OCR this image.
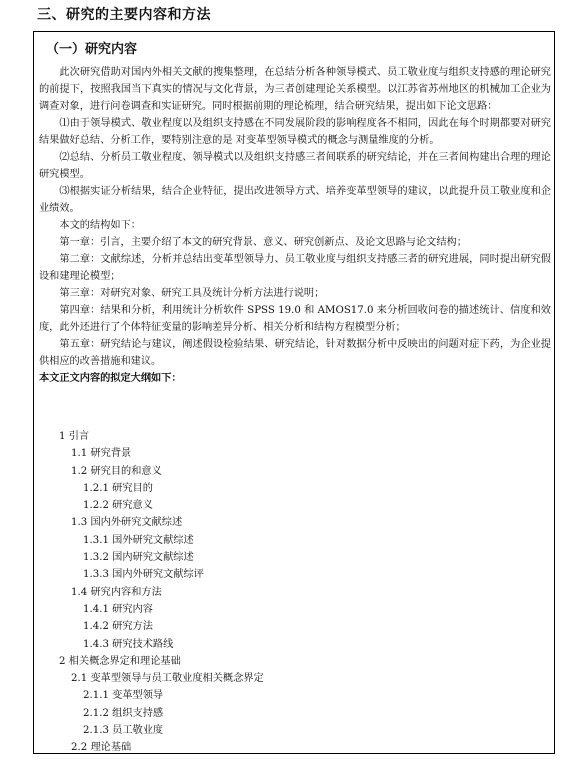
三、研究的主要内容和方法
（一）研究内容

此次研究借助对国内外相关文献的搜集整理，在总结分析各种领导模式、员工敬业度与组织支持感的理论研究的前提下，按照我国当下真实的情况与文化背景，为三者创建理论关系模型。以江苏省苏州地区的机械加工企业为调查对象，进行问卷调查和实证研究。同时根据前期的理论梳理，结合研究结果，提出如下论文思路：

⑴由于领导模式、敬业程度以及组织支持感在不同发展阶段的影响程度各不相同，因此在每个时期都要对研究结果做好总结、分析工作，要特别注意的是 对变革型领导模式的概念与测量维度的分析。

⑵总结、分析员工敬业程度、领导模式以及组织支持感三者间联系的研究结论，并在三者间构建出合理的理论研究模型。

⑶根据实证分析结果，结合企业特征，提出改进领导方式、培养变革型领导的建议，以此提升员工敬业度和企业绩效。

本文的结构如下：

第一章：引言，主要介绍了本文的研究背景、意义、研究创新点、及论文思路与论文结构；

第二章：文献综述，分析并总结出变革型领导力、员工敬业度与组织支持感三者的研究进展，同时提出研究假设和建理论模型；

第三章：对研究对象、研究工具及统计分析方法进行说明；

第四章：结果和分析，利用统计分析软件 SPSS 19.0 和 AMOS17.0 来分析回收问卷的描述统计、信度和效度，此外还进行了个体特征变量的影响差异分析、相关分析和结构方程模型分析；

第五章：研究结论与建议，阐述假设检验结果、研究结论，针对数据分析中反映出的问题对症下药，为企业提供相应的改善措施和建议。

本文正文内容的拟定大纲如下：

1 引言
1.1 研究背景
1.2 研究目的和意义
1.2.1 研究目的
1.2.2 研究意义
1.3 国内外研究文献综述
1.3.1 国外研究文献综述
1.3.2 国内研究文献综述
1.3.3 国内外研究文献综评
1.4 研究内容和方法
1.4.1 研究内容
1.4.2 研究方法
1.4.3 研究技术路线
2 相关概念界定和理论基础
2.1 变革型领导与员工敬业度相关概念界定
2.1.1 变革型领导
2.1.2 组织支持感
2.1.3 员工敬业度
2.2 理论基础
